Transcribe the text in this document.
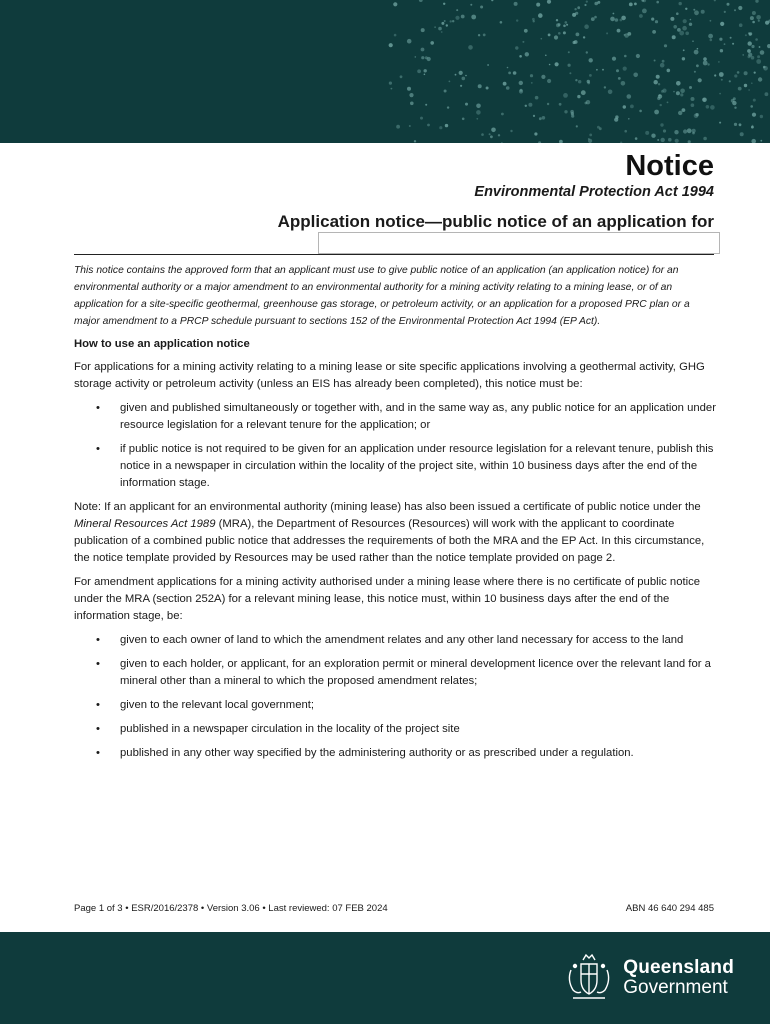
Notice
Environmental Protection Act 1994
Application notice—public notice of an application for

This notice contains the approved form that an applicant must use to give public notice of an application (an application notice) for an environmental authority or a major amendment to an environmental authority for a mining activity relating to a mining lease, or of an application for a site-specific geothermal, greenhouse gas storage, or petroleum activity, or an application for a proposed PRC plan or a major amendment to a PRCP schedule pursuant to sections 152 of the Environmental Protection Act 1994 (EP Act).

How to use an application notice

For applications for a mining activity relating to a mining lease or site specific applications involving a geothermal activity, GHG storage activity or petroleum activity (unless an EIS has already been completed), this notice must be:

• given and published simultaneously or together with, and in the same way as, any public notice for an application under resource legislation for a relevant tenure for the application; or
• if public notice is not required to be given for an application under resource legislation for a relevant tenure, publish this notice in a newspaper in circulation within the locality of the project site, within 10 business days after the end of the information stage.

Note: If an applicant for an environmental authority (mining lease) has also been issued a certificate of public notice under the Mineral Resources Act 1989 (MRA), the Department of Resources (Resources) will work with the applicant to coordinate publication of a combined public notice that addresses the requirements of both the MRA and the EP Act. In this circumstance, the notice template provided by Resources may be used rather than the notice template provided on page 2.

For amendment applications for a mining activity authorised under a mining lease where there is no certificate of public notice under the MRA (section 252A) for a relevant mining lease, this notice must, within 10 business days after the end of the information stage, be:

• given to each owner of land to which the amendment relates and any other land necessary for access to the land
• given to each holder, or applicant, for an exploration permit or mineral development licence over the relevant land for a mineral other than a mineral to which the proposed amendment relates;
• given to the relevant local government;
• published in a newspaper circulation in the locality of the project site
• published in any other way specified by the administering authority or as prescribed under a regulation.
Page 1 of 3 • ESR/2016/2378 • Version 3.06 • Last reviewed: 07 FEB 2024	ABN 46 640 294 485
Queensland
Government
